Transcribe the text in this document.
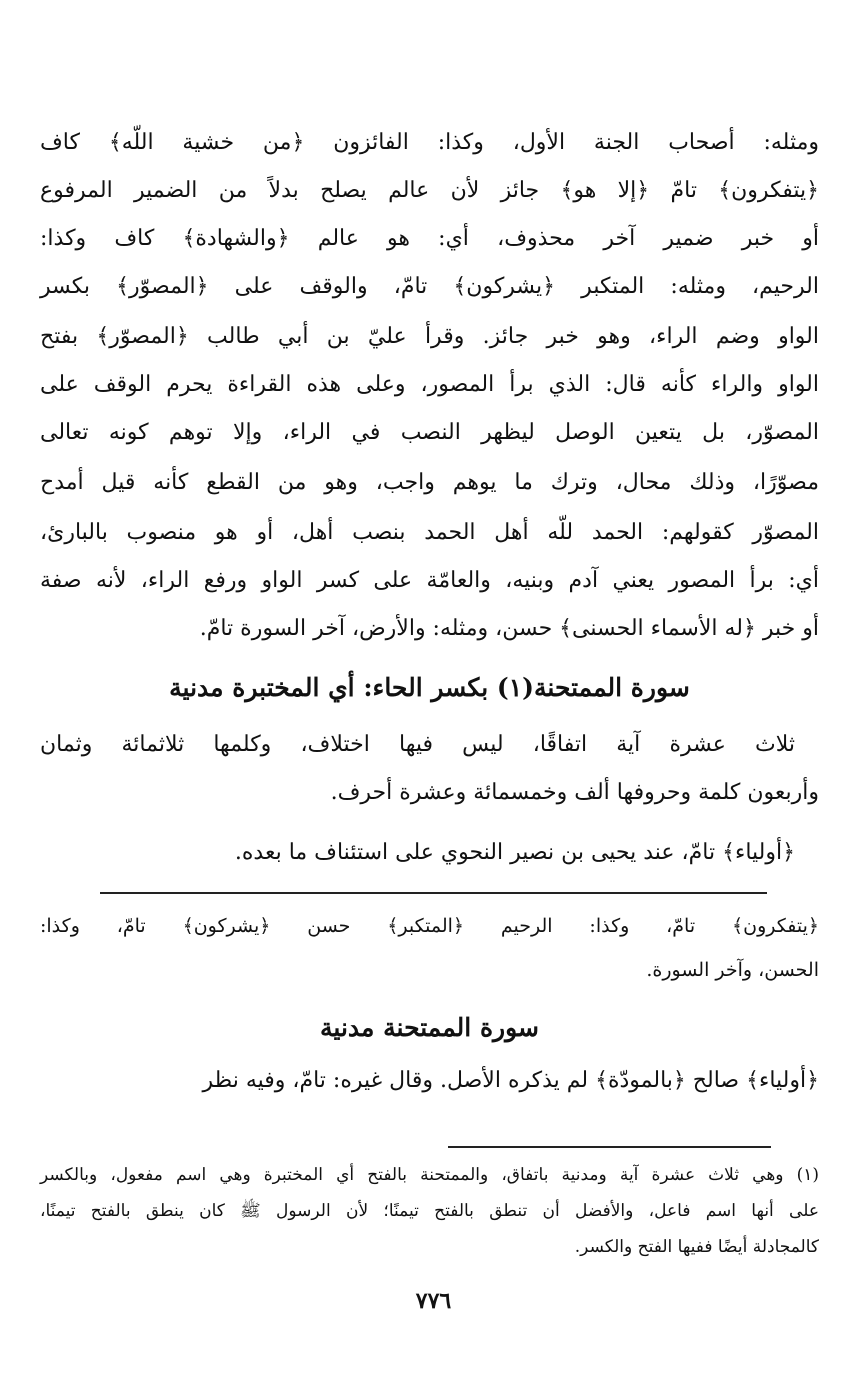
ومثله: أصحاب الجنة الأول، وكذا: الفائزون ﴿من خشية اللّه﴾ كاف
﴿يتفكرون﴾ تامّ ﴿إلا هو﴾ جائز لأن عالم يصلح بدلاً من الضمير المرفوع
أو خبر ضمير آخر محذوف، أي: هو عالم ﴿والشهادة﴾ كاف وكذا:
الرحيم، ومثله: المتكبر ﴿يشركون﴾ تامّ، والوقف على ﴿المصوّر﴾ بكسر
الواو وضم الراء، وهو خبر جائز. وقرأ عليّ بن أبي طالب ﴿المصوّر﴾ بفتح
الواو والراء كأنه قال: الذي برأ المصور، وعلى هذه القراءة يحرم الوقف على
المصوّر، بل يتعين الوصل ليظهر النصب في الراء، وإلا توهم كونه تعالى
مصوّرًا، وذلك محال، وترك ما يوهم واجب، وهو من القطع كأنه قيل أمدح
المصوّر كقولهم: الحمد للّه أهل الحمد بنصب أهل، أو هو منصوب بالبارئ،
أي: برأ المصور يعني آدم وبنيه، والعامّة على كسر الواو ورفع الراء، لأنه صفة
أو خبر ﴿له الأسماء الحسنى﴾ حسن، ومثله: والأرض، آخر السورة تامّ.
سورة الممتحنة(١) بكسر الحاء: أي المختبرة مدنية
ثلاث عشرة آية اتفاقًا، ليس فيها اختلاف، وكلمها ثلاثمائة وثمان
وأربعون كلمة وحروفها ألف وخمسمائة وعشرة أحرف.
﴿أولياء﴾ تامّ، عند يحيى بن نصير النحوي على استئناف ما بعده.
﴿يتفكرون﴾ تامّ، وكذا: الرحيم ﴿المتكبر﴾ حسن ﴿يشركون﴾ تامّ، وكذا:
الحسن، وآخر السورة.
سورة الممتحنة مدنية
﴿أولياء﴾ صالح ﴿بالمودّة﴾ لم يذكره الأصل. وقال غيره: تامّ، وفيه نظر
(١) وهي ثلاث عشرة آية ومدنية باتفاق، والممتحنة بالفتح أي المختبرة وهي اسم مفعول، وبالكسر
على أنها اسم فاعل، والأفضل أن تنطق بالفتح تيمنًا؛ لأن الرسول ﷺ كان ينطق بالفتح تيمنًا،
كالمجادلة أيضًا ففيها الفتح والكسر.
٧٧٦
